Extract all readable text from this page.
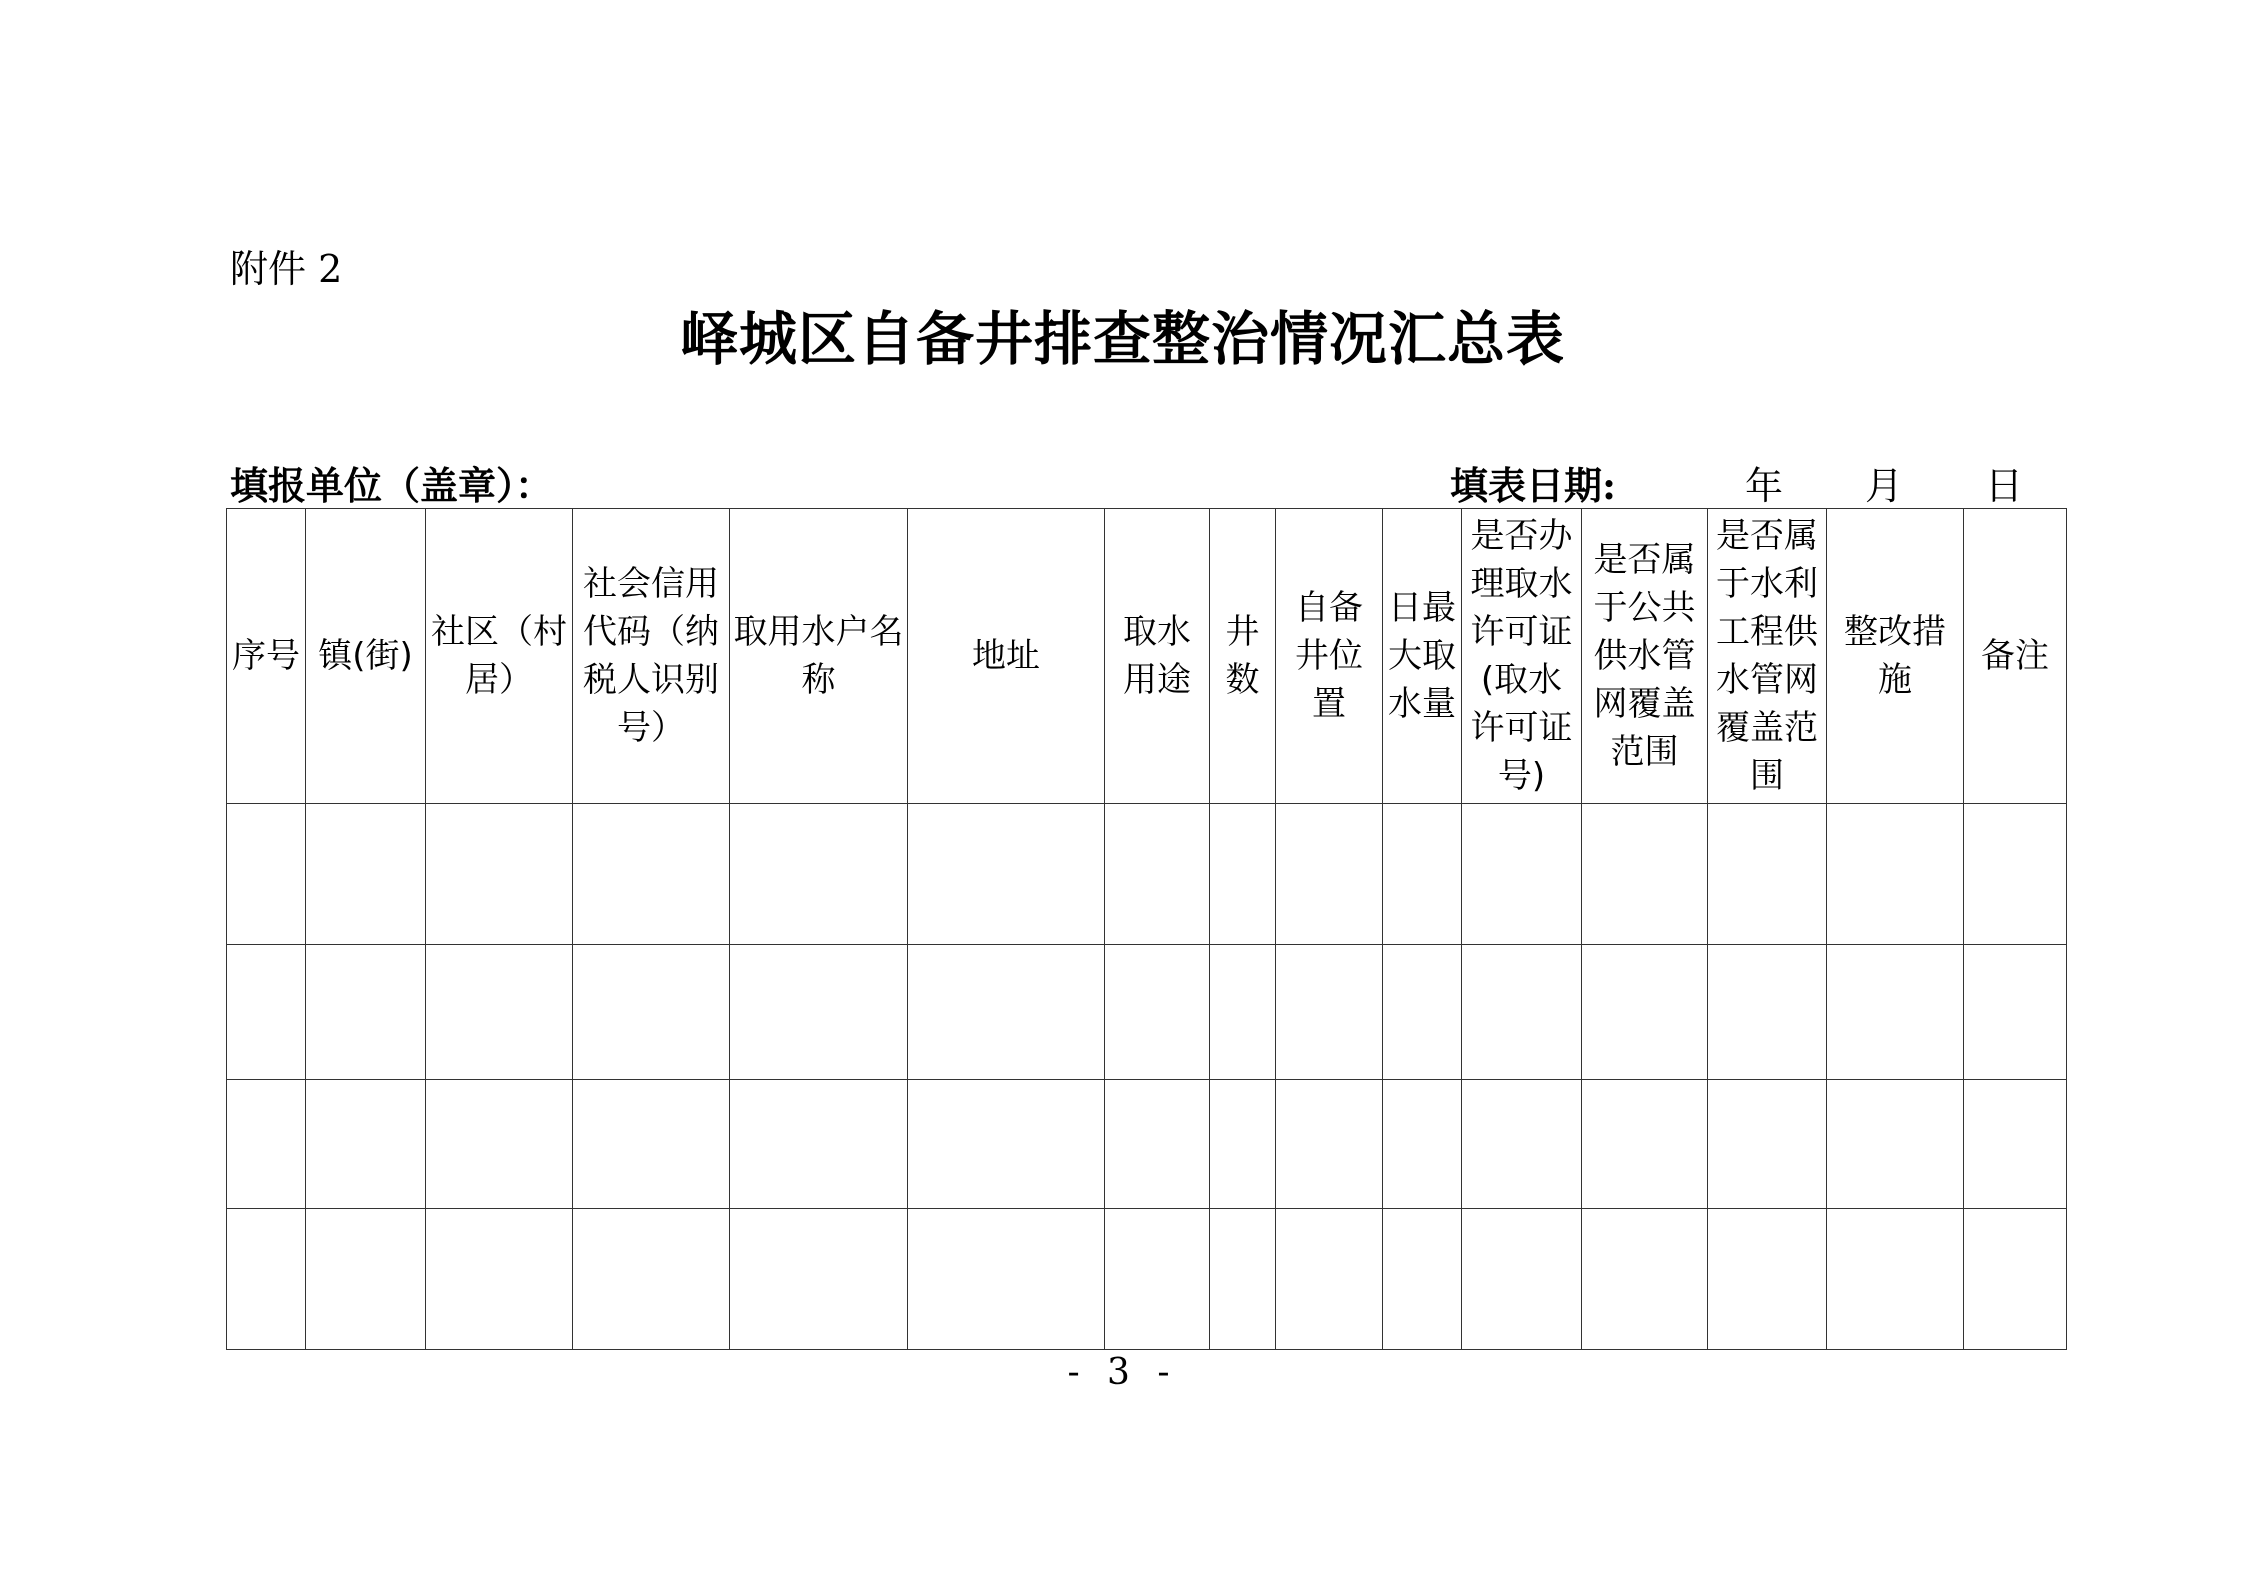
附件 2
峄城区自备井排查整治情况汇总表
填报单位（盖章）：	填表日期:	年 月 日
序号	镇(街)	社区（村居）	社会信用代码（纳税人识别号）	取用水户名称	地址	取水用途	井数	自备井位置	日最大取水量	是否办理取水许可证(取水许可证号)	是否属于公共供水管网覆盖范围	是否属于水利工程供水管网覆盖范围	整改措施	备注

- 3 -
